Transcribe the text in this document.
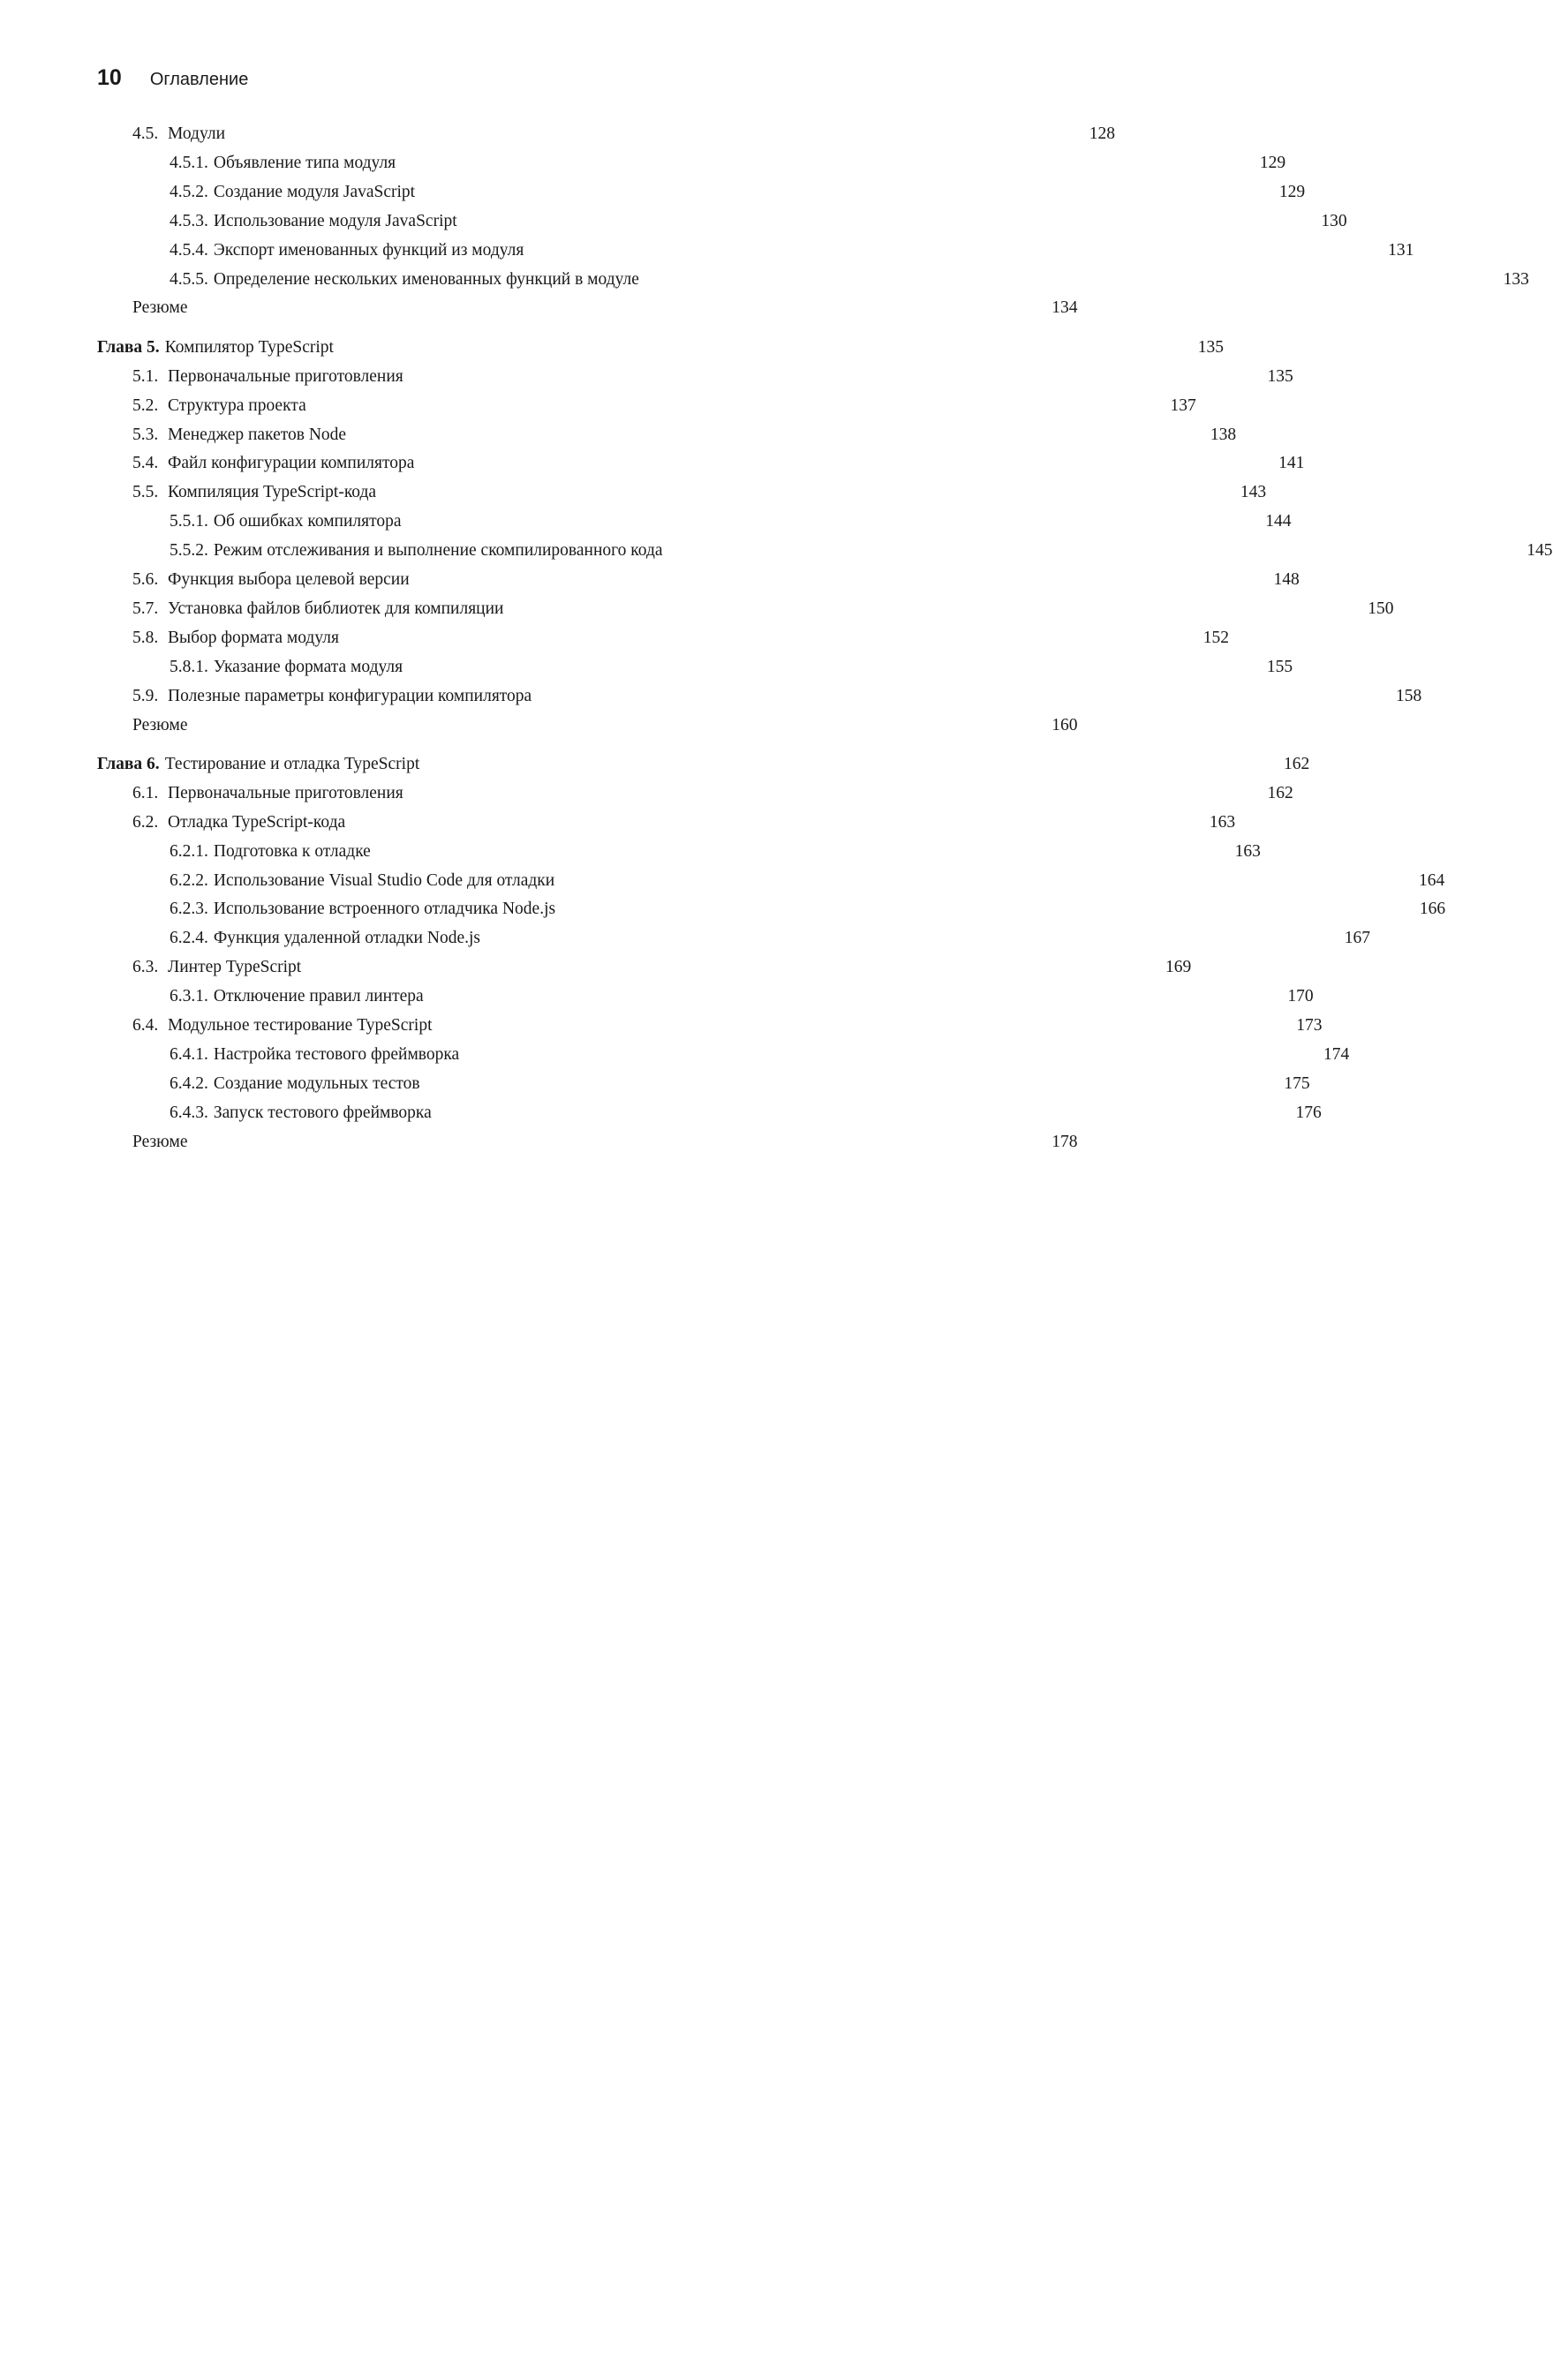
10 Оглавление
4.5. Модули	128
4.5.1. Объявление типа модуля	129
4.5.2. Создание модуля JavaScript	129
4.5.3. Использование модуля JavaScript	130
4.5.4. Экспорт именованных функций из модуля	131
4.5.5. Определение нескольких именованных функций в модуле	133
Резюме	134
Глава 5. Компилятор TypeScript	135
5.1. Первоначальные приготовления	135
5.2. Структура проекта	137
5.3. Менеджер пакетов Node	138
5.4. Файл конфигурации компилятора	141
5.5. Компиляция TypeScript-кода	143
5.5.1. Об ошибках компилятора	144
5.5.2. Режим отслеживания и выполнение скомпилированного кода	145
5.6. Функция выбора целевой версии	148
5.7. Установка файлов библиотек для компиляции	150
5.8. Выбор формата модуля	152
5.8.1. Указание формата модуля	155
5.9. Полезные параметры конфигурации компилятора	158
Резюме	160
Глава 6. Тестирование и отладка TypeScript	162
6.1. Первоначальные приготовления	162
6.2. Отладка TypeScript-кода	163
6.2.1. Подготовка к отладке	163
6.2.2. Использование Visual Studio Code для отладки	164
6.2.3. Использование встроенного отладчика Node.js	166
6.2.4. Функция удаленной отладки Node.js	167
6.3. Линтер TypeScript	169
6.3.1. Отключение правил линтера	170
6.4. Модульное тестирование TypeScript	173
6.4.1. Настройка тестового фреймворка	174
6.4.2. Создание модульных тестов	175
6.4.3. Запуск тестового фреймворка	176
Резюме	178
